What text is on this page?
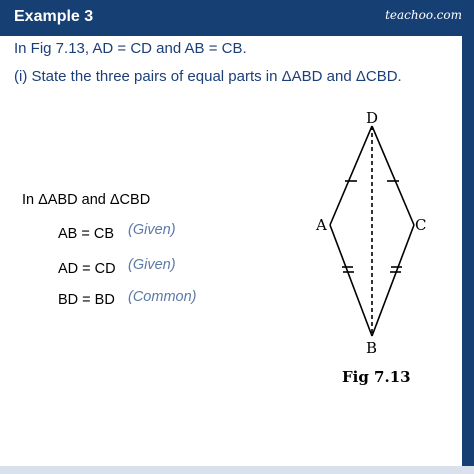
Example 3	teachoo.com
In Fig 7.13, AD = CD and AB = CB.
(i) State the three pairs of equal parts in ΔABD and ΔCBD.
In ΔABD and ΔCBD
AB = CB (Given)
AD = CD (Given)
BD = BD (Common)
D
A	C
B
Fig 7.13
